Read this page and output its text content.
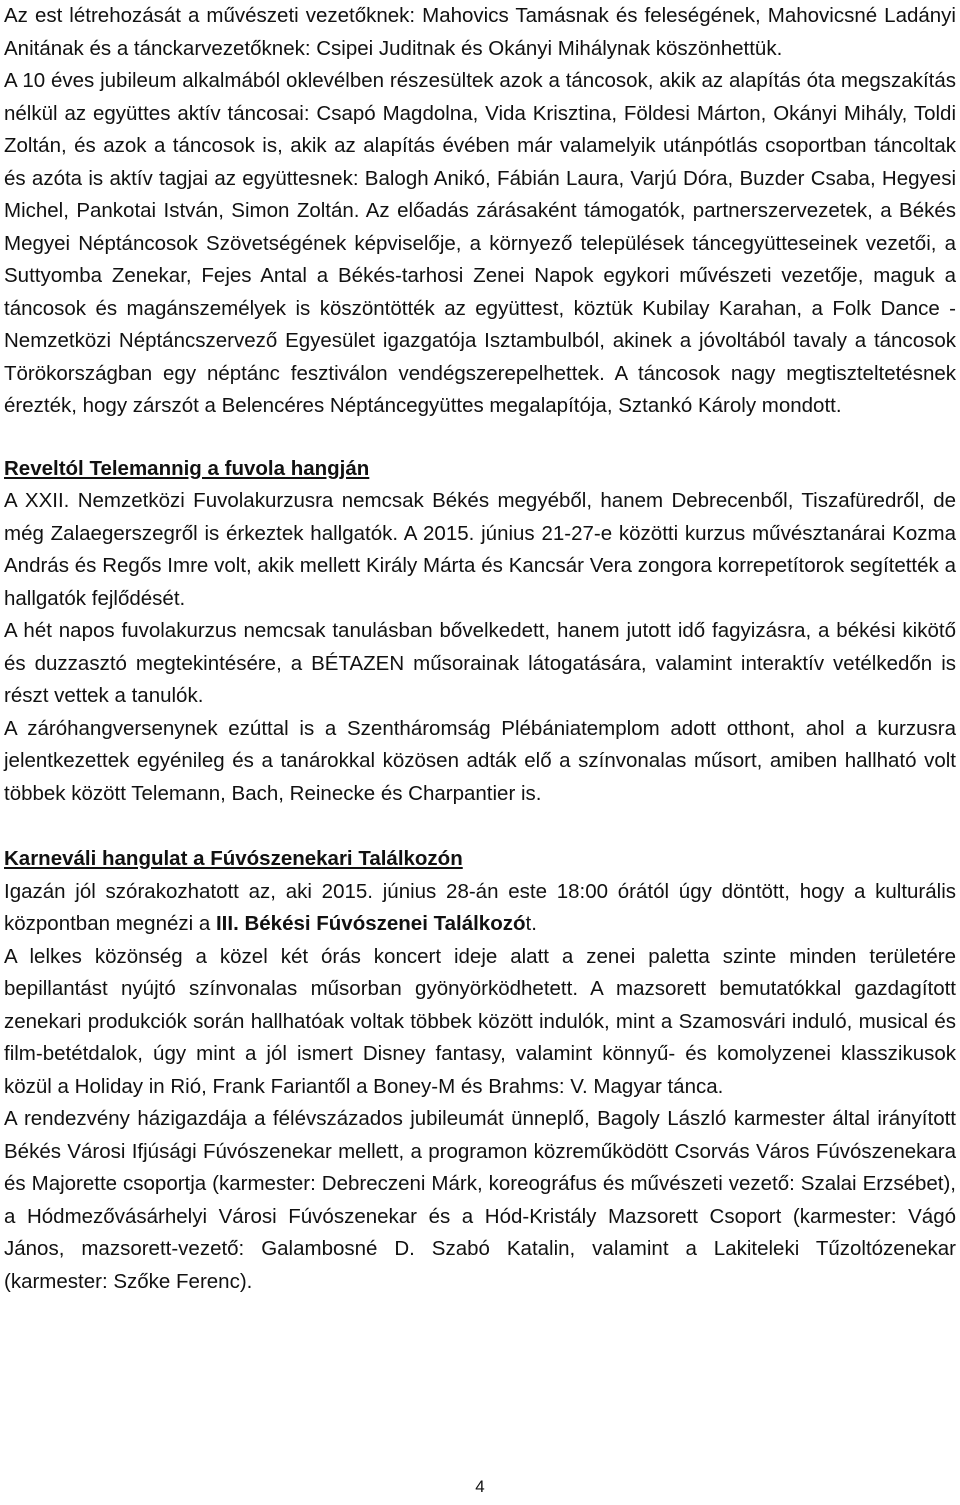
Az est létrehozását a művészeti vezetőknek: Mahovics Tamásnak és feleségének, Mahovicsné Ladányi Anitának és a tánckarvezetőknek: Csipei Juditnak és Okányi Mihálynak köszönhettük.

A 10 éves jubileum alkalmából oklevélben részesültek azok a táncosok, akik az alapítás óta megszakítás nélkül az együttes aktív táncosai: Csapó Magdolna, Vida Krisztina, Földesi Márton, Okányi Mihály, Toldi Zoltán, és azok a táncosok is, akik az alapítás évében már valamelyik utánpótlás csoportban táncoltak és azóta is aktív tagjai az együttesnek: Balogh Anikó, Fábián Laura, Varjú Dóra, Buzder Csaba, Hegyesi Michel, Pankotai István, Simon Zoltán. Az előadás zárásaként támogatók, partnerszervezetek, a Békés Megyei Néptáncosok Szövetségének képviselője, a környező települések táncegyütteseinek vezetői, a Suttyomba Zenekar, Fejes Antal a Békés-tarhosi Zenei Napok egykori művészeti vezetője, maguk a táncosok és magánszemélyek is köszöntötték az együttest, köztük Kubilay Karahan, a Folk Dance - Nemzetközi Néptáncszervező Egyesület igazgatója Isztambulból, akinek a jóvoltából tavaly a táncosok Törökországban egy néptánc fesztiválon vendégszerepelhettek. A táncosok nagy megtiszteltetésnek érezték, hogy zárszót a Belencéres Néptáncegyüttes megalapítója, Sztankó Károly mondott.

Reveltól Telemannig a fuvola hangján

A XXII. Nemzetközi Fuvolakurzusra nemcsak Békés megyéből, hanem Debrecenből, Tiszafüredről, de még Zalaegerszegről is érkeztek hallgatók. A 2015. június 21-27-e közötti kurzus művésztanárai Kozma András és Regős Imre volt, akik mellett Király Márta és Kancsár Vera zongora korrepetítorok segítették a hallgatók fejlődését.

A hét napos fuvolakurzus nemcsak tanulásban bővelkedett, hanem jutott idő fagyizásra, a békési kikötő és duzzasztó megtekintésére, a BÉTAZEN műsorainak látogatására, valamint interaktív vetélkedőn is részt vettek a tanulók.

A záróhangversenynek ezúttal is a Szentháromság Plébániatemplom adott otthont, ahol a kurzusra jelentkezettek egyénileg és a tanárokkal közösen adták elő a színvonalas műsort, amiben hallható volt többek között Telemann, Bach, Reinecke és Charpantier is.

Karneváli hangulat a Fúvószenekari Találkozón

Igazán jól szórakozhatott az, aki 2015. június 28-án este 18:00 órától úgy döntött, hogy a kulturális központban megnézi a III. Békési Fúvószenei Találkozót.

A lelkes közönség a közel két órás koncert ideje alatt a zenei paletta szinte minden területére bepillantást nyújtó színvonalas műsorban gyönyörködhetett. A mazsorett bemutatókkal gazdagított zenekari produkciók során hallhatóak voltak többek között indulók, mint a Szamosvári induló, musical és film-betétdalok, úgy mint a jól ismert Disney fantasy, valamint könnyű- és komolyzenei klasszikusok közül a Holiday in Rió, Frank Fariantől a Boney-M és Brahms: V. Magyar tánca.

A rendezvény házigazdája a félévszázados jubileumát ünneplő, Bagoly László karmester által irányított Békés Városi Ifjúsági Fúvószenekar mellett, a programon közreműködött Csorvás Város Fúvószenekara és Majorette csoportja (karmester: Debreczeni Márk, koreográfus és művészeti vezető: Szalai Erzsébet), a Hódmezővásárhelyi Városi Fúvószenekar és a Hód-Kristály Mazsorett Csoport (karmester: Vágó János, mazsorett-vezető: Galambosné D. Szabó Katalin, valamint a Lakiteleki Tűzoltózenekar (karmester: Szőke Ferenc).

4
